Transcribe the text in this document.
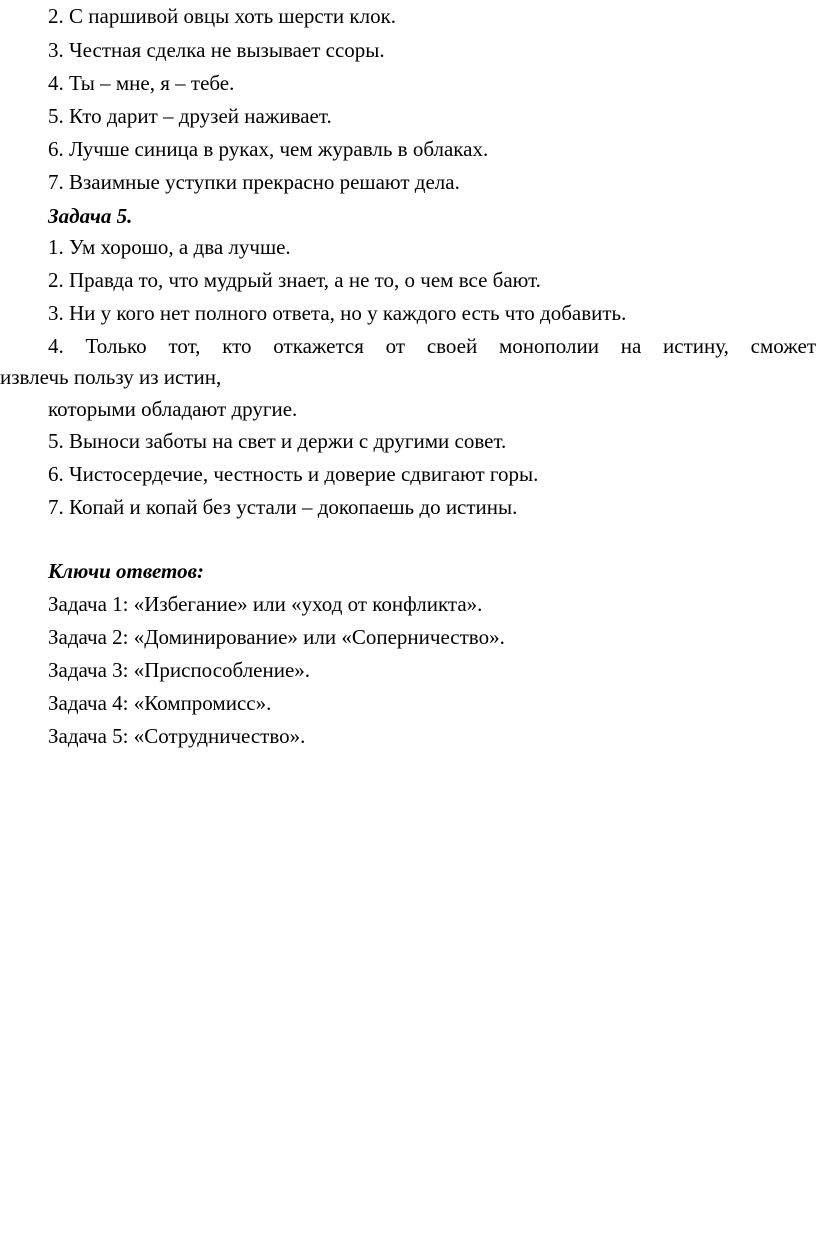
2. С паршивой овцы хоть шерсти клок.

3. Честная сделка не вызывает ссоры.

4. Ты – мне, я – тебе.

5. Кто дарит – друзей наживает.

6. Лучше синица в руках, чем журавль в облаках.

7. Взаимные уступки прекрасно решают дела.

Задача 5.

1. Ум хорошо, а два лучше.

2. Правда то, что мудрый знает, а не то, о чем все бают.

3. Ни у кого нет полного ответа, но у каждого есть что добавить.

4. Только тот, кто откажется от своей монополии на истину, сможет

извлечь пользу из истин,

которыми обладают другие.

5. Выноси заботы на свет и держи с другими совет.

6. Чистосердечие, честность и доверие сдвигают горы.

7. Копай и копай без устали – докопаешь до истины.

Ключи ответов:

Задача 1: «Избегание» или «уход от конфликта».

Задача 2: «Доминирование» или «Соперничество».

Задача 3: «Приспособление».

Задача 4: «Компромисс».

Задача 5: «Сотрудничество».
